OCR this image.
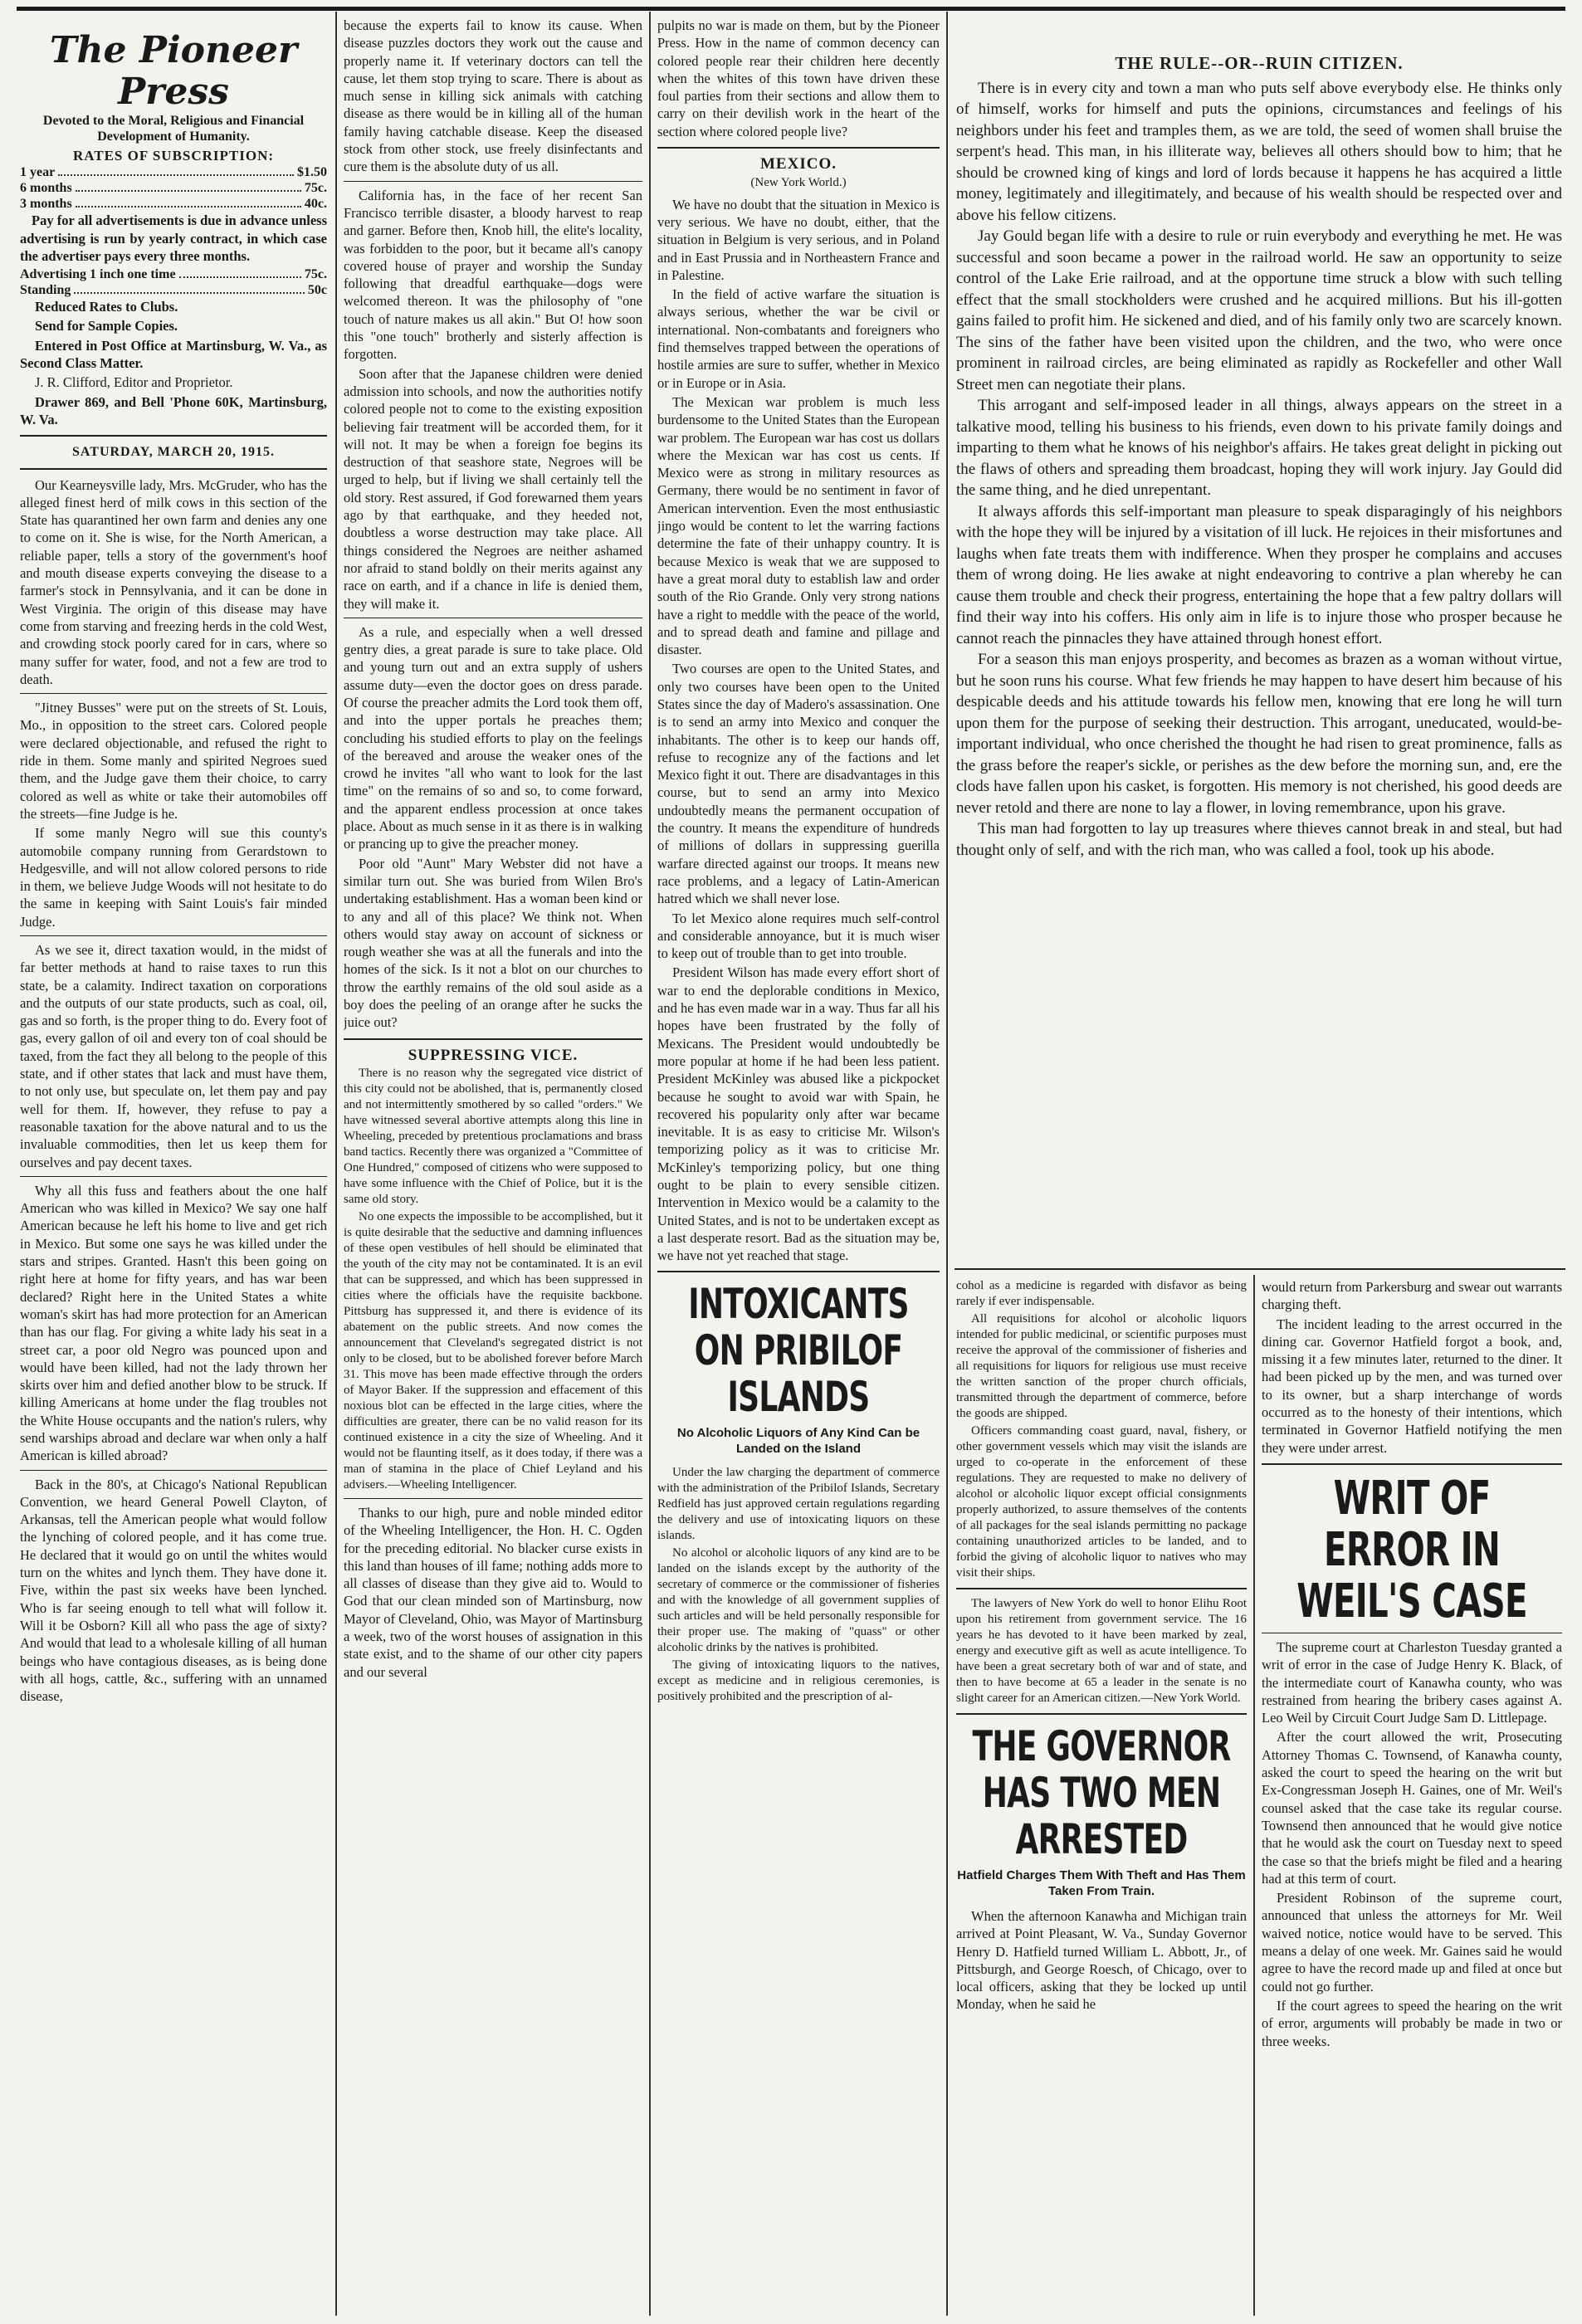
The Pioneer Press
Devoted to the Moral, Religious and Financial Development of Humanity.
RATES OF SUBSCRIPTION:
1 year	$1.50
6 months	75c.
3 months	40c.

Pay for all advertisements is due in advance unless advertising is run by yearly contract, in which case the advertiser pays every three months.

Advertising 1 inch one time	75c.
Standing	50c

Reduced Rates to Clubs.

Send for Sample Copies.

Entered in Post Office at Martinsburg, W. Va., as Second Class Matter.

J. R. Clifford, Editor and Proprietor.

Drawer 869, and Bell 'Phone 60K, Martinsburg, W. Va.

SATURDAY, MARCH 20, 1915.

Our Kearneysville lady, Mrs. McGruder, who has the alleged finest herd of milk cows in this section of the State has quarantined her own farm and denies any one to come on it. She is wise, for the North American, a reliable paper, tells a story of the government's hoof and mouth disease experts conveying the disease to a farmer's stock in Pennsylvania, and it can be done in West Virginia. The origin of this disease may have come from starving and freezing herds in the cold West, and crowding stock poorly cared for in cars, where so many suffer for water, food, and not a few are trod to death.

"Jitney Busses" were put on the streets of St. Louis, Mo., in opposition to the street cars. Colored people were declared objectionable, and refused the right to ride in them. Some manly and spirited Negroes sued them, and the Judge gave them their choice, to carry colored as well as white or take their automobiles off the streets—fine Judge is he.

If some manly Negro will sue this county's automobile company running from Gerardstown to Hedgesville, and will not allow colored persons to ride in them, we believe Judge Woods will not hesitate to do the same in keeping with Saint Louis's fair minded Judge.

As we see it, direct taxation would, in the midst of far better methods at hand to raise taxes to run this state, be a calamity. Indirect taxation on corporations and the outputs of our state products, such as coal, oil, gas and so forth, is the proper thing to do. Every foot of gas, every gallon of oil and every ton of coal should be taxed, from the fact they all belong to the people of this state, and if other states that lack and must have them, to not only use, but speculate on, let them pay and pay well for them. If, however, they refuse to pay a reasonable taxation for the above natural and to us the invaluable commodities, then let us keep them for ourselves and pay decent taxes.

Why all this fuss and feathers about the one half American who was killed in Mexico? We say one half American because he left his home to live and get rich in Mexico. But some one says he was killed under the stars and stripes. Granted. Hasn't this been going on right here at home for fifty years, and has war been declared? Right here in the United States a white woman's skirt has had more protection for an American than has our flag. For giving a white lady his seat in a street car, a poor old Negro was pounced upon and would have been killed, had not the lady thrown her skirts over him and defied another blow to be struck. If killing Americans at home under the flag troubles not the White House occupants and the nation's rulers, why send warships abroad and declare war when only a half American is killed abroad?

Back in the 80's, at Chicago's National Republican Convention, we heard General Powell Clayton, of Arkansas, tell the American people what would follow the lynching of colored people, and it has come true. He declared that it would go on until the whites would turn on the whites and lynch them. They have done it. Five, within the past six weeks have been lynched. Who is far seeing enough to tell what will follow it. Will it be Osborn? Kill all who pass the age of sixty? And would that lead to a wholesale killing of all human beings who have contagious diseases, as is being done with all hogs, cattle, &c., suffering with an unnamed disease,

because the experts fail to know its cause. When disease puzzles doctors they work out the cause and properly name it. If veterinary doctors can tell the cause, let them stop trying to scare. There is about as much sense in killing sick animals with catching disease as there would be in killing all of the human family having catchable disease. Keep the diseased stock from other stock, use freely disinfectants and cure them is the absolute duty of us all.

California has, in the face of her recent San Francisco terrible disaster, a bloody harvest to reap and garner. Before then, Knob hill, the elite's locality, was forbidden to the poor, but it became all's canopy covered house of prayer and worship the Sunday following that dreadful earthquake—dogs were welcomed thereon. It was the philosophy of "one touch of nature makes us all akin." But O! how soon this "one touch" brotherly and sisterly affection is forgotten.

Soon after that the Japanese children were denied admission into schools, and now the authorities notify colored people not to come to the existing exposition believing fair treatment will be accorded them, for it will not. It may be when a foreign foe begins its destruction of that seashore state, Negroes will be urged to help, but if living we shall certainly tell the old story. Rest assured, if God forewarned them years ago by that earthquake, and they heeded not, doubtless a worse destruction may take place. All things considered the Negroes are neither ashamed nor afraid to stand boldly on their merits against any race on earth, and if a chance in life is denied them, they will make it.

As a rule, and especially when a well dressed gentry dies, a great parade is sure to take place. Old and young turn out and an extra supply of ushers assume duty—even the doctor goes on dress parade. Of course the preacher admits the Lord took them off, and into the upper portals he preaches them; concluding his studied efforts to play on the feelings of the bereaved and arouse the weaker ones of the crowd he invites "all who want to look for the last time" on the remains of so and so, to come forward, and the apparent endless procession at once takes place. About as much sense in it as there is in walking or prancing up to give the preacher money.

Poor old "Aunt" Mary Webster did not have a similar turn out. She was buried from Wilen Bro's undertaking establishment. Has a woman been kind or to any and all of this place? We think not. When others would stay away on account of sickness or rough weather she was at all the funerals and into the homes of the sick. Is it not a blot on our churches to throw the earthly remains of the old soul aside as a boy does the peeling of an orange after he sucks the juice out?

SUPPRESSING VICE.

There is no reason why the segregated vice district of this city could not be abolished, that is, permanently closed and not intermittently smothered by so called "orders." We have witnessed several abortive attempts along this line in Wheeling, preceded by pretentious proclamations and brass band tactics. Recently there was organized a "Committee of One Hundred," composed of citizens who were supposed to have some influence with the Chief of Police, but it is the same old story.

No one expects the impossible to be accomplished, but it is quite desirable that the seductive and damning influences of these open vestibules of hell should be eliminated that the youth of the city may not be contaminated. It is an evil that can be suppressed, and which has been suppressed in cities where the officials have the requisite backbone. Pittsburg has suppressed it, and there is evidence of its abatement on the public streets. And now comes the announcement that Cleveland's segregated district is not only to be closed, but to be abolished forever before March 31. This move has been made effective through the orders of Mayor Baker. If the suppression and effacement of this noxious blot can be effected in the large cities, where the difficulties are greater, there can be no valid reason for its continued existence in a city the size of Wheeling. And it would not be flaunting itself, as it does today, if there was a man of stamina in the place of Chief Leyland and his advisers.—Wheeling Intelligencer.

Thanks to our high, pure and noble minded editor of the Wheeling Intelligencer, the Hon. H. C. Ogden for the preceding editorial. No blacker curse exists in this land than houses of ill fame; nothing adds more to all classes of disease than they give aid to. Would to God that our clean minded son of Martinsburg, now Mayor of Cleveland, Ohio, was Mayor of Martinsburg a week, two of the worst houses of assignation in this state exist, and to the shame of our other city papers and our several

pulpits no war is made on them, but by the Pioneer Press. How in the name of common decency can colored people rear their children here decently when the whites of this town have driven these foul parties from their sections and allow them to carry on their devilish work in the heart of the section where colored people live?

MEXICO.
(New York World.)

We have no doubt that the situation in Mexico is very serious. We have no doubt, either, that the situation in Belgium is very serious, and in Poland and in East Prussia and in Northeastern France and in Palestine.

In the field of active warfare the situation is always serious, whether the war be civil or international. Non-combatants and foreigners who find themselves trapped between the operations of hostile armies are sure to suffer, whether in Mexico or in Europe or in Asia.

The Mexican war problem is much less burdensome to the United States than the European war problem. The European war has cost us dollars where the Mexican war has cost us cents. If Mexico were as strong in military resources as Germany, there would be no sentiment in favor of American intervention. Even the most enthusiastic jingo would be content to let the warring factions determine the fate of their unhappy country. It is because Mexico is weak that we are supposed to have a great moral duty to establish law and order south of the Rio Grande. Only very strong nations have a right to meddle with the peace of the world, and to spread death and famine and pillage and disaster.

Two courses are open to the United States, and only two courses have been open to the United States since the day of Madero's assassination. One is to send an army into Mexico and conquer the inhabitants. The other is to keep our hands off, refuse to recognize any of the factions and let Mexico fight it out. There are disadvantages in this course, but to send an army into Mexico undoubtedly means the permanent occupation of the country. It means the expenditure of hundreds of millions of dollars in suppressing guerilla warfare directed against our troops. It means new race problems, and a legacy of Latin-American hatred which we shall never lose.

To let Mexico alone requires much self-control and considerable annoyance, but it is much wiser to keep out of trouble than to get into trouble.

President Wilson has made every effort short of war to end the deplorable conditions in Mexico, and he has even made war in a way. Thus far all his hopes have been frustrated by the folly of Mexicans. The President would undoubtedly be more popular at home if he had been less patient. President McKinley was abused like a pickpocket because he sought to avoid war with Spain, he recovered his popularity only after war became inevitable. It is as easy to criticise Mr. Wilson's temporizing policy as it was to criticise Mr. McKinley's temporizing policy, but one thing ought to be plain to every sensible citizen. Intervention in Mexico would be a calamity to the United States, and is not to be undertaken except as a last desperate resort. Bad as the situation may be, we have not yet reached that stage.

INTOXICANTS ON PRIBILOF ISLANDS
No Alcoholic Liquors of Any Kind Can be Landed on the Island

Under the law charging the department of commerce with the administration of the Pribilof Islands, Secretary Redfield has just approved certain regulations regarding the delivery and use of intoxicating liquors on these islands.

No alcohol or alcoholic liquors of any kind are to be landed on the islands except by the authority of the secretary of commerce or the commissioner of fisheries and with the knowledge of all government supplies of such articles and will be held personally responsible for their proper use. The making of "quass" or other alcoholic drinks by the natives is prohibited.

The giving of intoxicating liquors to the natives, except as medicine and in religious ceremonies, is positively prohibited and the prescription of al-

THE RULE--OR--RUIN CITIZEN.

There is in every city and town a man who puts self above everybody else. He thinks only of himself, works for himself and puts the opinions, circumstances and feelings of his neighbors under his feet and tramples them, as we are told, the seed of women shall bruise the serpent's head. This man, in his illiterate way, believes all others should bow to him; that he should be crowned king of kings and lord of lords because it happens he has acquired a little money, legitimately and illegitimately, and because of his wealth should be respected over and above his fellow citizens.

Jay Gould began life with a desire to rule or ruin everybody and everything he met. He was successful and soon became a power in the railroad world. He saw an opportunity to seize control of the Lake Erie railroad, and at the opportune time struck a blow with such telling effect that the small stockholders were crushed and he acquired millions. But his ill-gotten gains failed to profit him. He sickened and died, and of his family only two are scarcely known. The sins of the father have been visited upon the children, and the two, who were once prominent in railroad circles, are being eliminated as rapidly as Rockefeller and other Wall Street men can negotiate their plans.

This arrogant and self-imposed leader in all things, always appears on the street in a talkative mood, telling his business to his friends, even down to his private family doings and imparting to them what he knows of his neighbor's affairs. He takes great delight in picking out the flaws of others and spreading them broadcast, hoping they will work injury. Jay Gould did the same thing, and he died unrepentant.

It always affords this self-important man pleasure to speak disparagingly of his neighbors with the hope they will be injured by a visitation of ill luck. He rejoices in their misfortunes and laughs when fate treats them with indifference. When they prosper he complains and accuses them of wrong doing. He lies awake at night endeavoring to contrive a plan whereby he can cause them trouble and check their progress, entertaining the hope that a few paltry dollars will find their way into his coffers. His only aim in life is to injure those who prosper because he cannot reach the pinnacles they have attained through honest effort.

For a season this man enjoys prosperity, and becomes as brazen as a woman without virtue, but he soon runs his course. What few friends he may happen to have desert him because of his despicable deeds and his attitude towards his fellow men, knowing that ere long he will turn upon them for the purpose of seeking their destruction. This arrogant, uneducated, would-be-important individual, who once cherished the thought he had risen to great prominence, falls as the grass before the reaper's sickle, or perishes as the dew before the morning sun, and, ere the clods have fallen upon his casket, is forgotten. His memory is not cherished, his good deeds are never retold and there are none to lay a flower, in loving remembrance, upon his grave.

This man had forgotten to lay up treasures where thieves cannot break in and steal, but had thought only of self, and with the rich man, who was called a fool, took up his abode.

cohol as a medicine is regarded with disfavor as being rarely if ever indispensable.

All requisitions for alcohol or alcoholic liquors intended for public medicinal, or scientific purposes must receive the approval of the commissioner of fisheries and all requisitions for liquors for religious use must receive the written sanction of the proper church officials, transmitted through the department of commerce, before the goods are shipped.

Officers commanding coast guard, naval, fishery, or other government vessels which may visit the islands are urged to co-operate in the enforcement of these regulations. They are requested to make no delivery of alcohol or alcoholic liquor except official consignments properly authorized, to assure themselves of the contents of all packages for the seal islands permitting no package containing unauthorized articles to be landed, and to forbid the giving of alcoholic liquor to natives who may visit their ships.

The lawyers of New York do well to honor Elihu Root upon his retirement from government service. The 16 years he has devoted to it have been marked by zeal, energy and executive gift as well as acute intelligence. To have been a great secretary both of war and of state, and then to have become at 65 a leader in the senate is no slight career for an American citizen.—New York World.

THE GOVERNOR HAS TWO MEN ARRESTED
Hatfield Charges Them With Theft and Has Them Taken From Train.

When the afternoon Kanawha and Michigan train arrived at Point Pleasant, W. Va., Sunday Governor Henry D. Hatfield turned William L. Abbott, Jr., of Pittsburgh, and George Roesch, of Chicago, over to local officers, asking that they be locked up until Monday, when he said he

would return from Parkersburg and swear out warrants charging theft.

The incident leading to the arrest occurred in the dining car. Governor Hatfield forgot a book, and, missing it a few minutes later, returned to the diner. It had been picked up by the men, and was turned over to its owner, but a sharp interchange of words occurred as to the honesty of their intentions, which terminated in Governor Hatfield notifying the men they were under arrest.

WRIT OF ERROR IN WEIL'S CASE

The supreme court at Charleston Tuesday granted a writ of error in the case of Judge Henry K. Black, of the intermediate court of Kanawha county, who was restrained from hearing the bribery cases against A. Leo Weil by Circuit Court Judge Sam D. Littlepage.

After the court allowed the writ, Prosecuting Attorney Thomas C. Townsend, of Kanawha county, asked the court to speed the hearing on the writ but Ex-Congressman Joseph H. Gaines, one of Mr. Weil's counsel asked that the case take its regular course. Townsend then announced that he would give notice that he would ask the court on Tuesday next to speed the case so that the briefs might be filed and a hearing had at this term of court.

President Robinson of the supreme court, announced that unless the attorneys for Mr. Weil waived notice, notice would have to be served. This means a delay of one week. Mr. Gaines said he would agree to have the record made up and filed at once but could not go further.

If the court agrees to speed the hearing on the writ of error, arguments will probably be made in two or three weeks.
